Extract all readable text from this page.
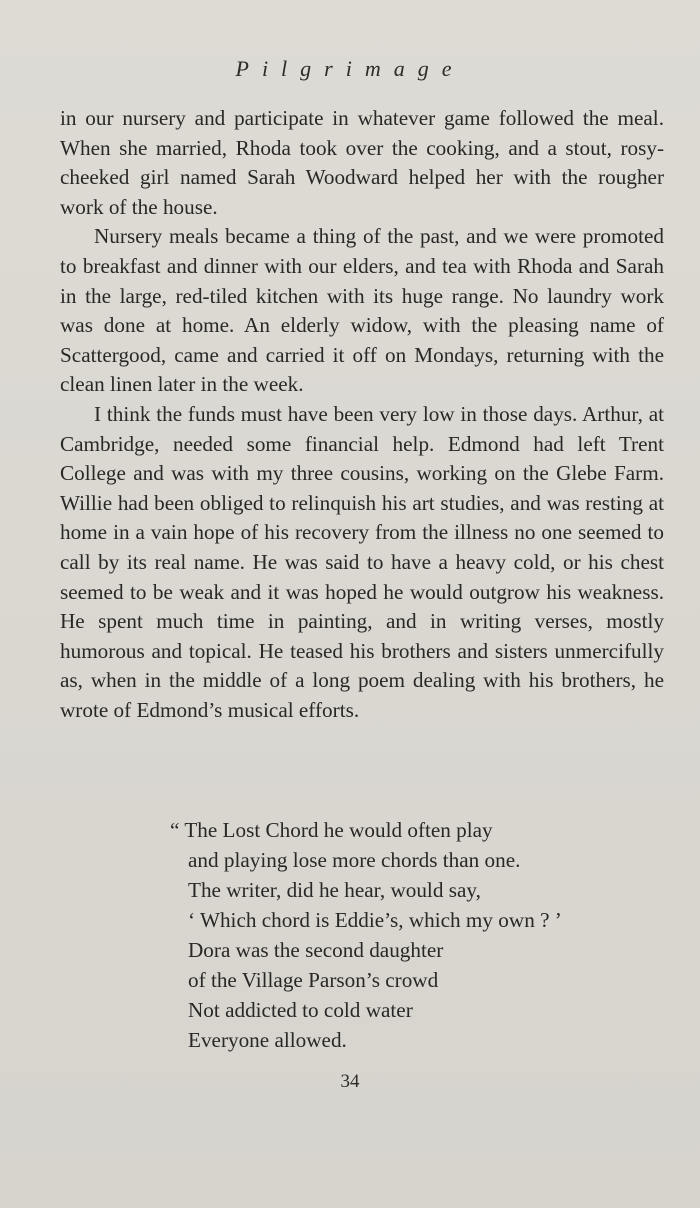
Pilgrimage

in our nursery and participate in whatever game followed the meal. When she married, Rhoda took over the cooking, and a stout, rosy-cheeked girl named Sarah Woodward helped her with the rougher work of the house.

Nursery meals became a thing of the past, and we were promoted to breakfast and dinner with our elders, and tea with Rhoda and Sarah in the large, red-tiled kitchen with its huge range. No laundry work was done at home. An elderly widow, with the pleasing name of Scattergood, came and carried it off on Mondays, returning with the clean linen later in the week.

I think the funds must have been very low in those days. Arthur, at Cambridge, needed some financial help. Edmond had left Trent College and was with my three cousins, working on the Glebe Farm. Willie had been obliged to relinquish his art studies, and was resting at home in a vain hope of his recovery from the illness no one seemed to call by its real name. He was said to have a heavy cold, or his chest seemed to be weak and it was hoped he would outgrow his weakness. He spent much time in painting, and in writing verses, mostly humorous and topical. He teased his brothers and sisters unmercifully as, when in the middle of a long poem dealing with his brothers, he wrote of Edmond’s musical efforts.

“ The Lost Chord he would often play
and playing lose more chords than one.
The writer, did he hear, would say,
‘ Which chord is Eddie’s, which my own ? ’
Dora was the second daughter
of the Village Parson’s crowd
Not addicted to cold water
Everyone allowed.
34
